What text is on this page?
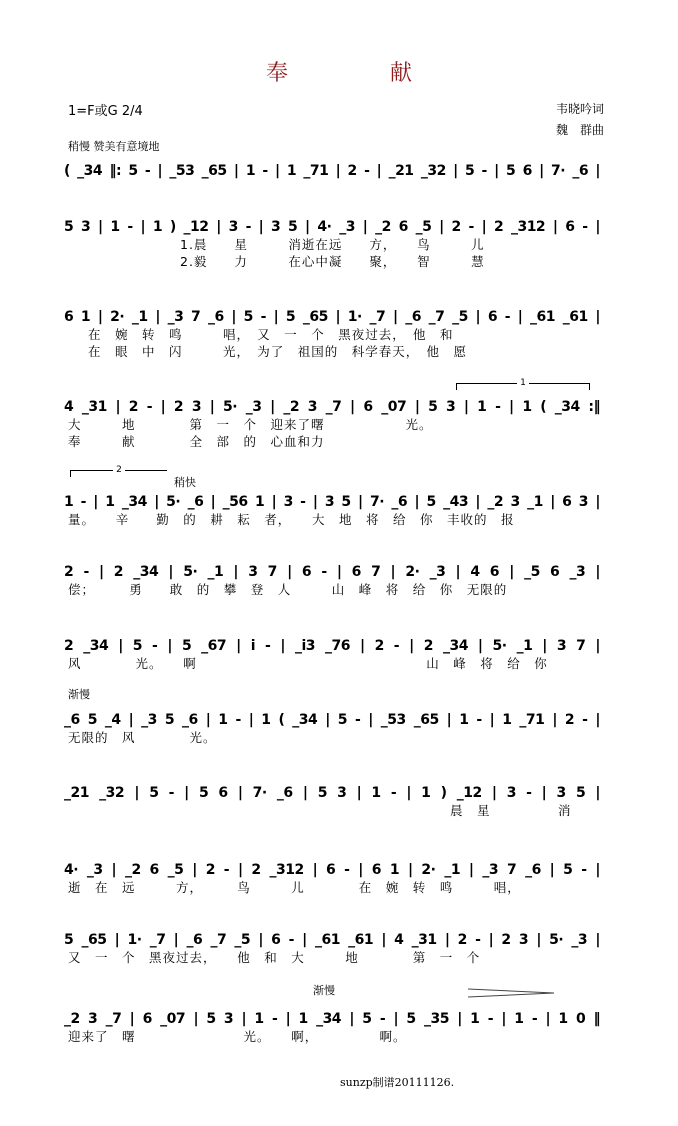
奉　献
1=F或G 2/4	韦晓吟词
魏　群曲
稍慢 赞美有意境地
稍快
渐慢
渐慢
1
2
( _34 ‖: 5 - | _53 _65 | 1 - | 1 _71 | 2 - | _21 _32 | 5 - | 5 6 | 7· _6 |
5 3 | 1 - | 1 ) _12 | 3 - | 3 5 | 4· _3 | _2 6 _5 | 2 - | 2 _312 | 6 - |
1.晨　　星　　　消逝在远　　方，　　鸟　　　儿
2.毅　　力　　　在心中凝　　聚，　　智　　　慧
6 1 | 2· _1 | _3 7 _6 | 5 - | 5 _65 | 1· _7 | _6 _7 _5 | 6 - | _61 _61 |
在　婉　转　鸣　　　唱，　又　一　个　黑夜过去，　他　和
在　眼　中　闪　　　光，　为了　祖国的　科学春天，　他　愿
4 _31 | 2 - | 2 3 | 5· _3 | _2 3 _7 | 6 _07 | 5 3 | 1 - | 1 ( _34 :‖
大　　　地　　　　第　一　个　迎来了曙　　　　　　光。
奉　　　献　　　　全　部　的　心血和力
1 - | 1 _34 | 5· _6 | _56 1 | 3 - | 3 5 | 7· _6 | 5 _43 | _2 3 _1 | 6 3 |
量。　　辛　　勤　的　耕　耘　者，　　大　地　将　给　你　丰收的　报
2 - | 2 _34 | 5· _1 | 3 7 | 6 - | 6 7 | 2· _3 | 4 6 | _5 6 _3 |
偿；　　　勇　　敢　的　攀　登　人　　　山　峰　将　给　你　无限的
2 _34 | 5 - | 5 _67 | i - | _i3 _76 | 2 - | 2 _34 | 5· _1 | 3 7 |
风　　　　光。　　啊　　　　　　　　　　　　　　　　　山　峰　将　给　你
_6 5 _4 | _3 5 _6 | 1 - | 1 ( _34 | 5 - | _53 _65 | 1 - | 1 _71 | 2 - |
无限的　风　　　　光。
_21 _32 | 5 - | 5 6 | 7· _6 | 5 3 | 1 - | 1 ) _12 | 3 - | 3 5 |
晨　星　　　　　消
4· _3 | _2 6 _5 | 2 - | 2 _312 | 6 - | 6 1 | 2· _1 | _3 7 _6 | 5 - |
逝　在　远　　　方，　　　鸟　　　儿　　　　在　婉　转　鸣　　　唱，
5 _65 | 1· _7 | _6 _7 _5 | 6 - | _61 _61 | 4 _31 | 2 - | 2 3 | 5· _3 |
又　一　个　黑夜过去，　　他　和　大　　　地　　　　第　一　个
_2 3 _7 | 6 _07 | 5 3 | 1 - | 1 _34 | 5 - | 5 _35 | 1 - | 1 - | 1 0 ‖
迎来了　曙　　　　　　　　光。　　啊，　　　　　啊。
sunzp制谱20111126.
